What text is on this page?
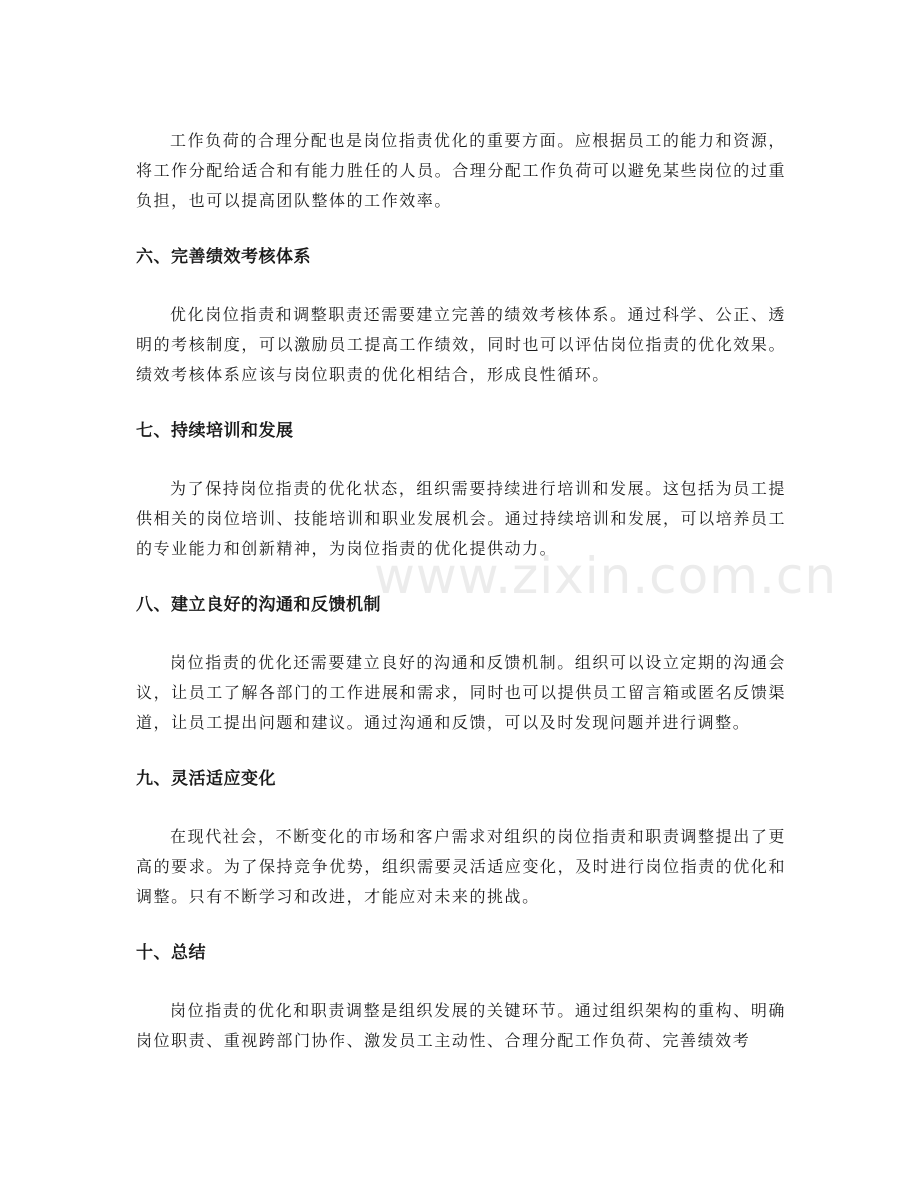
工作负荷的合理分配也是岗位指责优化的重要方面。应根据员工的能力和资源，将工作分配给适合和有能力胜任的人员。合理分配工作负荷可以避免某些岗位的过重负担，也可以提高团队整体的工作效率。

六、完善绩效考核体系

优化岗位指责和调整职责还需要建立完善的绩效考核体系。通过科学、公正、透明的考核制度，可以激励员工提高工作绩效，同时也可以评估岗位指责的优化效果。绩效考核体系应该与岗位职责的优化相结合，形成良性循环。

七、持续培训和发展

为了保持岗位指责的优化状态，组织需要持续进行培训和发展。这包括为员工提供相关的岗位培训、技能培训和职业发展机会。通过持续培训和发展，可以培养员工的专业能力和创新精神，为岗位指责的优化提供动力。

八、建立良好的沟通和反馈机制

岗位指责的优化还需要建立良好的沟通和反馈机制。组织可以设立定期的沟通会议，让员工了解各部门的工作进展和需求，同时也可以提供员工留言箱或匿名反馈渠道，让员工提出问题和建议。通过沟通和反馈，可以及时发现问题并进行调整。

九、灵活适应变化

在现代社会，不断变化的市场和客户需求对组织的岗位指责和职责调整提出了更高的要求。为了保持竞争优势，组织需要灵活适应变化，及时进行岗位指责的优化和调整。只有不断学习和改进，才能应对未来的挑战。

十、总结

岗位指责的优化和职责调整是组织发展的关键环节。通过组织架构的重构、明确岗位职责、重视跨部门协作、激发员工主动性、合理分配工作负荷、完善绩效考

www.zixin.com.cn
